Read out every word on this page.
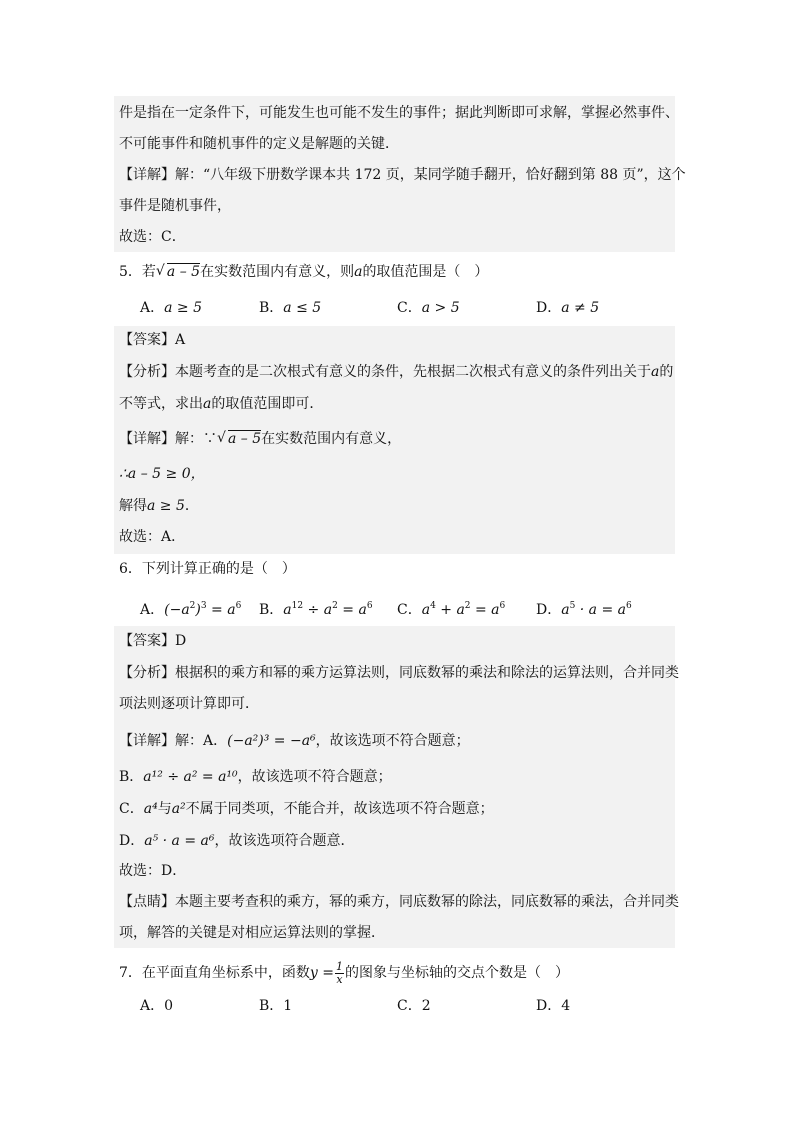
件是指在一定条件下，可能发生也可能不发生的事件；据此判断即可求解，掌握必然事件、
不可能事件和随机事件的定义是解题的关键．
【详解】解：“八年级下册数学课本共 172 页，某同学随手翻开，恰好翻到第 88 页”，这个
事件是随机事件，
故选：C．
5．若 √ a – 5在实数范围内有意义，则a的取值范围是（　）
A．a ≥ 5	B．a ≤ 5	C．a > 5	D．a ≠ 5
【答案】A
【分析】本题考查的是二次根式有意义的条件，先根据二次根式有意义的条件列出关于a的
不等式，求出a的取值范围即可．
【详解】解：∵ √ a – 5在实数范围内有意义，
∴a – 5 ≥ 0，
解得a ≥ 5．
故选：A．
6．下列计算正确的是（　）
A．$(-a^2)^3 = a^6$ B．$a^{12} \div a^2 = a^6$ C．$a^4 + a^2 = a^6$ D．$a^5 \cdot a = a^6$
【答案】D
【分析】根据积的乘方和幂的乘方运算法则，同底数幂的乘法和除法的运算法则，合并同类
项法则逐项计算即可．
【详解】解：A．(−a²)³ = −a⁶，故该选项不符合题意；
B．a¹² ÷ a² = a¹⁰，故该选项不符合题意；
C．a⁴与a²不属于同类项，不能合并，故该选项不符合题意；
D．a⁵ · a = a⁶，故该选项符合题意．
故选：D．
【点睛】本题主要考查积的乘方，幂的乘方，同底数幂的除法，同底数幂的乘法，合并同类
项，解答的关键是对相应运算法则的掌握．
7．在平面直角坐标系中，函数$y = \frac{1}{x}$ 的图象与坐标轴的交点个数是（　）
A．0	B．1	C．2	D．4
